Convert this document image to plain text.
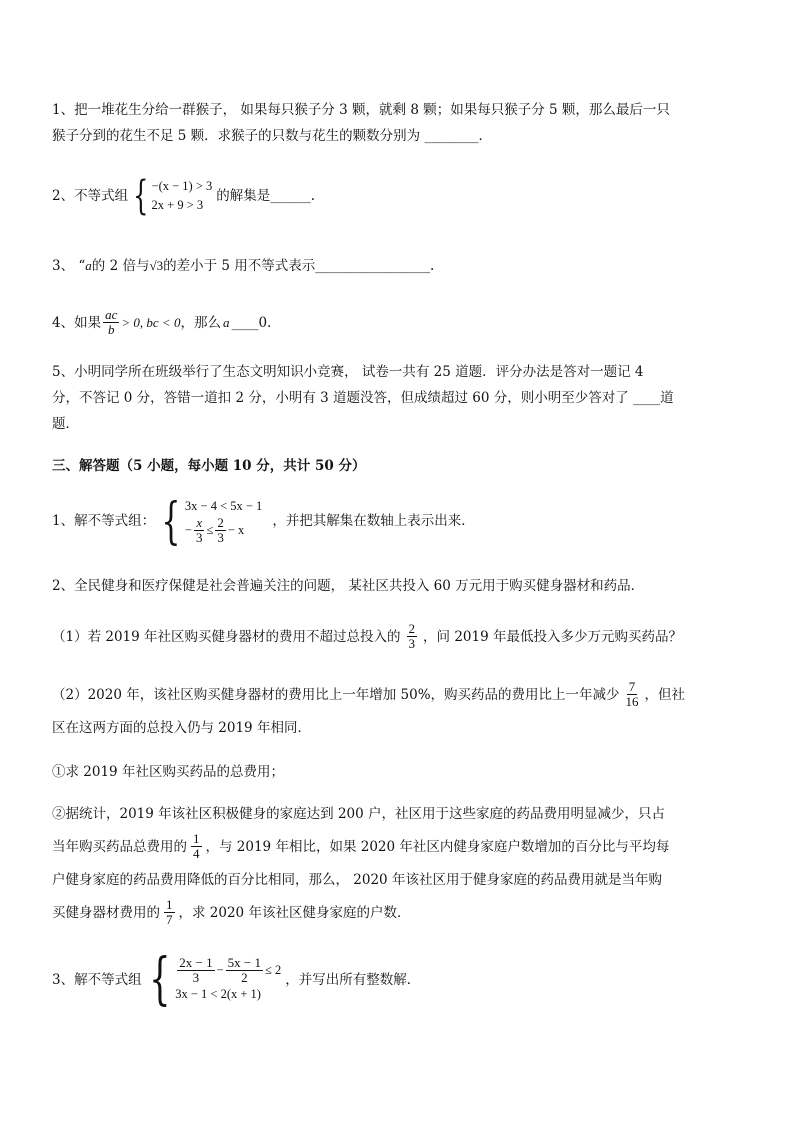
1、把一堆花生分给一群猴子， 如果每只猴子分 3 颗，就剩 8 颗；如果每只猴子分 5 颗，那么最后一只
猴子分到的花生不足 5 颗．求猴子的只数与花生的颗数分别为 ________．
2、不等式组 { −(x − 1) > 3
2x + 9 > 3
的解集是______.
3、 “a的 2 倍与√3的差小于 5 用不等式表示_________________.
4、如果 $\frac{ac}{b} > 0$, bc < 0 ，那么 a ____0.
5、小明同学所在班级举行了生态文明知识小竞赛， 试卷一共有 25 道题．评分办法是答对一题记 4
分，不答记 0 分，答错一道扣 2 分，小明有 3 道题没答，但成绩超过 60 分，则小明至少答对了 ____道
题．
三、解答题（5 小题，每小题 10 分，共计 50 分）
1、解不等式组： { 3x − 4 < 5x − 1
− $\frac{x}{3} \le \frac{2}{3} - x$
，并把其解集在数轴上表示出来．
2、全民健身和医疗保健是社会普遍关注的问题， 某社区共投入 60 万元用于购买健身器材和药品．
（1）若 2019 年社区购买健身器材的费用不超过总投入的 $\frac{2}{3}$ ，问 2019 年最低投入多少万元购买药品？
（2）2020 年，该社区购买健身器材的费用比上一年增加 50%，购买药品的费用比上一年减少 $\frac{7}{16}$ ，但社
区在这两方面的总投入仍与 2019 年相同．
①求 2019 年社区购买药品的总费用；
②据统计，2019 年该社区积极健身的家庭达到 200 户，社区用于这些家庭的药品费用明显减少，只占
当年购买药品总费用的 $\frac{1}{4}$ ，与 2019 年相比，如果 2020 年社区内健身家庭户数增加的百分比与平均每
户健身家庭的药品费用降低的百分比相同，那么， 2020 年该社区用于健身家庭的药品费用就是当年购
买健身器材费用的 $\frac{1}{7}$ ，求 2020 年该社区健身家庭的户数．
3、解不等式组 { $\frac{2x - 1}{3} - \frac{5x - 1}{2} \le 2$
3x − 1 < 2(x + 1)
，并写出所有整数解．
